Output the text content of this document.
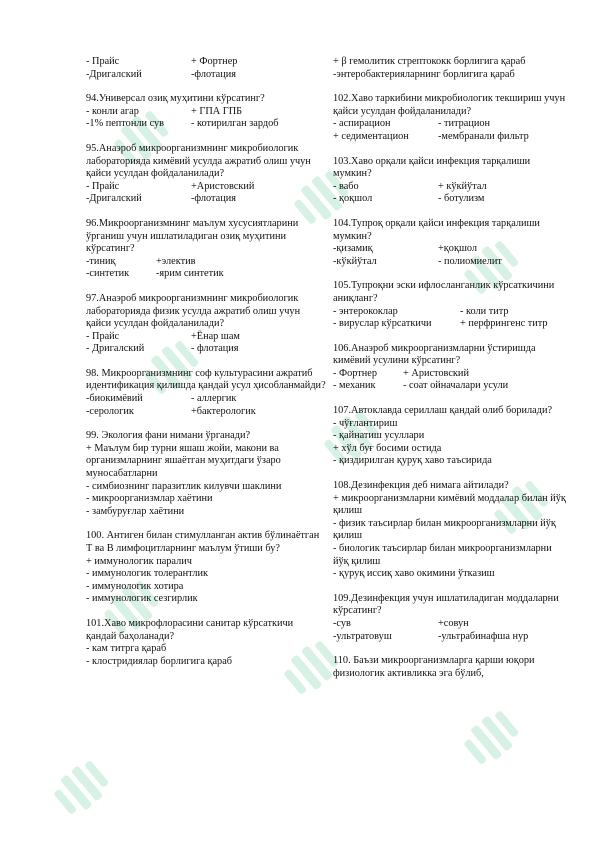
- Прайс	+ Фортнер
-Дригалский	-флотация
94.Универсал озиқ муҳитини кўрсатинг?
- конли агар	+ ГПА ГПБ
-1% пептонли сув	- котирилган зардоб
95.Анаэроб микроорганизмнинг микробиологик лабораторияда кимёвий усулда ажратиб олиш учун қайси усулдан фойдаланилади?
- Прайс	+Аристовский
-Дригалский	-флотация
96.Микроорганизмнинг маълум хусусиятларини ўрганиш учун ишлатиладиган озиқ муҳитини кўрсатинг?
-тиниқ	+электив
-синтетик	-ярим синтетик
97.Анаэроб микроорганизмнинг микробиологик лабораторияда физик усулда ажратиб олиш учун қайси усулдан фойдаланилади?
- Прайс	+Ёнар шам
- Дригалский	- флотация
98. Микроорганизмнинг соф культурасини ажратиб идентификация қилишда қандай усул ҳисобланмайди?
-биокимёвий	- аллергик
-серологик	+бактерологик
99. Экология фани нимани ўрганади?
+ Маълум бир турни яшаш жойи, макони ва организмларнинг яшаётган муҳитдаги ўзаро муносабатларни
- симбиознинг паразитлик килувчи шаклини
- микроорганизмлар хаётини
- замбуруғлар хаётини
100. Антиген билан стимулланган актив бўлинаётган Т ва В лимфоцитларнинг маълум ўтиши бу?
+ иммунологик паралич
- иммунологик толерантлик
- иммунологик хотира
- иммунологик сезгирлик
101.Хаво микрофлорасини санитар кўрсаткичи қандай баҳоланади?
- кам титрга қараб
- клостридиялар борлигига қараб
+ β гемолитик стрептококк борлигига қараб
-энтеробактерияларнинг борлигига қараб
102.Хаво таркибини микробиологик текшириш учун қайси усулдан фойдаланилади?
- аспирацион	- титрацион
+ седиментацион	-мембранали фильтр
103.Хаво орқали қайси инфекция тарқалиши мумкин?
- вабо	+ кўкйўтал
- қоқшол	- ботулизм
104.Тупроқ орқали қайси инфекция тарқалиши мумкин?
-қизамиқ	+қоқшол
-кўкйўтал	- полиомиелит
105.Тупроқни эски ифлосланганлик кўрсаткичини аниқланг?
- энтерококлар	- коли титр
- вируслар кўрсаткичи	+ перфрингенс титр
106.Анаэроб микроорганизмларни ўстиришда кимёвий усулини кўрсатинг?
- Фортнер	+ Аристовский
- механик	- соат ойначалари усули
107.Автоклавда сериллаш қандай олиб борилади?
- чўғлантириш
- қайнатиш усуллари
+ хўл буғ босими остида
- қиздирилган қуруқ хаво таъсирида
108.Дезинфекция деб нимага айтилади?
+ микроорганизмларни кимёвий моддалар билан йўқ қилиш
- физик таъсирлар билан микроорганизмларни йўқ қилиш
- биологик таъсирлар билан микроорганизмларни йўқ қилиш
- қуруқ иссиқ хаво окимини ўтказиш
109.Дезинфекция учун ишлатиладиган моддаларни кўрсатинг?
-сув	+совун
-ультратовуш	-ультрабинафша нур
110. Баъзи микроорганизмларга қарши юқори физиологик активликка эга бўлиб,
